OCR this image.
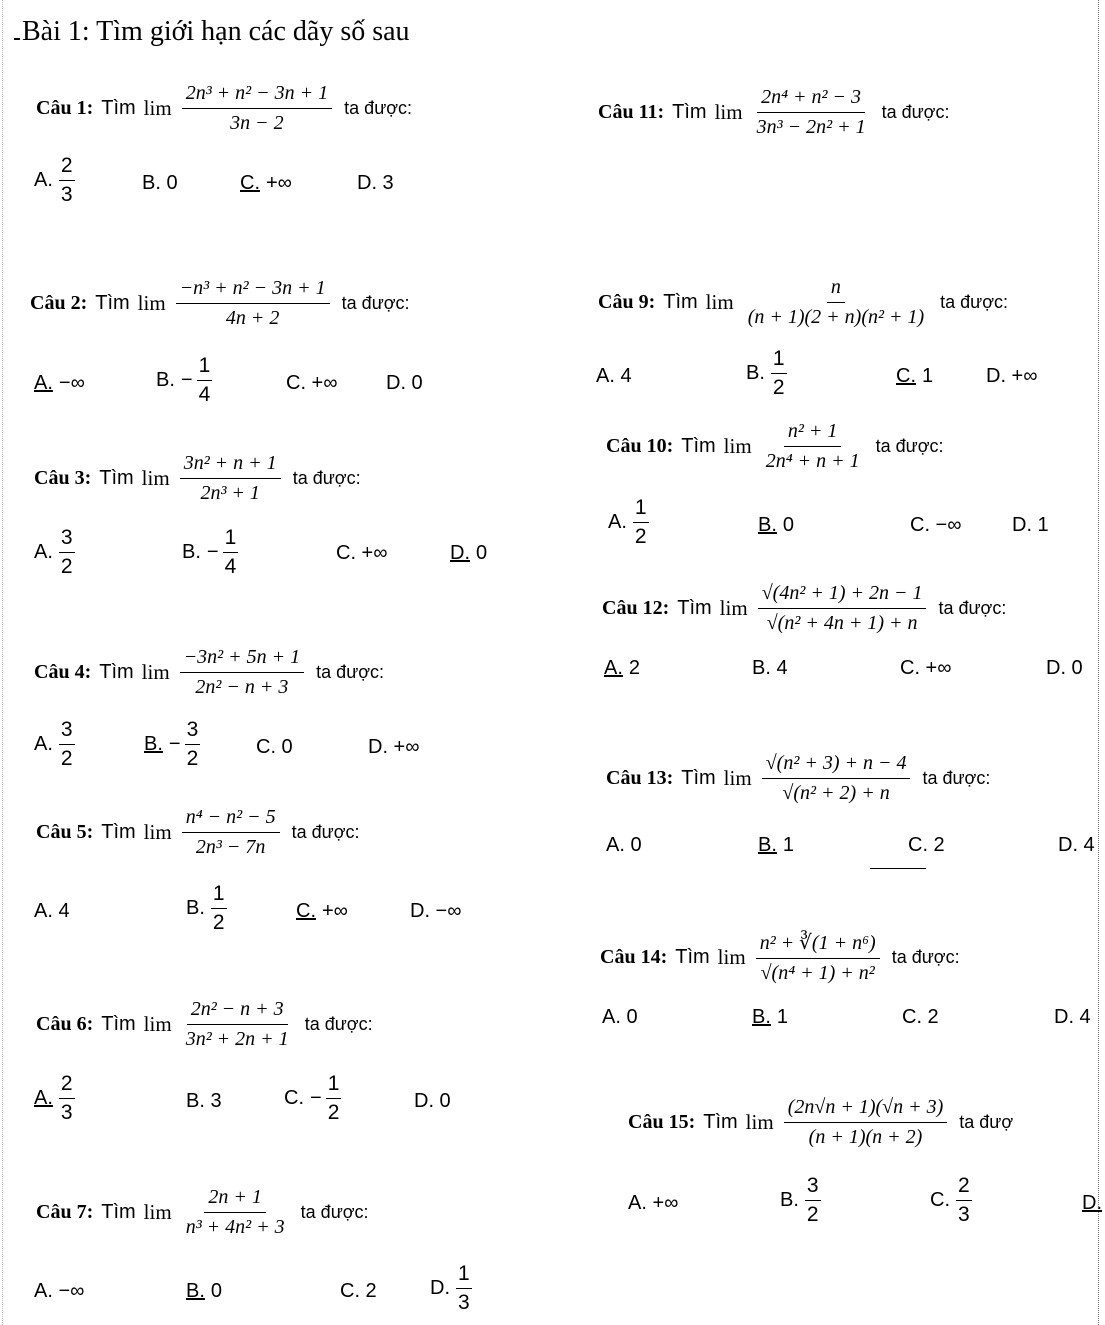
Bài 1: Tìm giới hạn các dãy số sau
Câu 1: Tìm $\lim \frac{\text{2n³ + n² − 3n + 1}}{3n - 2}$ ta được:
A. $\frac{2}{3}$	B. 0	C. +∞	D. 3
Câu 2: Tìm $\lim \frac{\text{−n³ + n² − 3n + 1}}{4n + 2}$ ta được:
A. −∞	B. − $\frac{1}{4}$	C. +∞ D. 0
Câu 3: Tìm $\lim \frac{\text{3n² + n + 1}}{\text{2n³ + 1}}$ ta được:
A. $\frac{3}{2}$	B. − $\frac{1}{4}$	C. +∞	D. 0
Câu 4: Tìm $\lim \frac{\text{−3n² + 5n + 1}}{\text{2n² − n + 3}}$ ta được:
A. $\frac{3}{2}$	B. − $\frac{3}{2}$	C. 0	D. +∞
Câu 5: Tìm $\lim \frac{\text{n⁴ − n² − 5}}{\text{2n³ − 7n}}$ ta được:
A. 4	B. $\frac{1}{2}$	C. +∞	D. −∞
Câu 6: Tìm $\lim \frac{\text{2n² − n + 3}}{\text{3n² + 2n + 1}}$ ta được:
A. $\frac{2}{3}$	B. 3	C. − $\frac{1}{2}$	D. 0
Câu 7: Tìm $\lim \frac{2n + 1}{\text{n³ + 4n² + 3}}$ ta được:
A. −∞	B. 0	C. 2	D. $\frac{1}{3}$
Câu 11: Tìm $\lim \frac{\text{2n⁴ + n² − 3}}{\text{3n³ − 2n² + 1}}$ ta được:
Câu 9: Tìm $\lim \frac{n}{\text{(n + 1)(2 + n)(n² + 1)}}$ ta được:
A. 4	B. $\frac{1}{2}$	C. 1	D. +∞
Câu 10: Tìm $\lim \frac{\text{n² + 1}}{\text{2n⁴ + n + 1}}$ ta được:
A. $\frac{1}{2}$	B. 0	C. −∞	D. 1
Câu 12: Tìm $\lim \frac{\text{√(4n² + 1) + 2n − 1}}{\text{√(n² + 4n + 1) + n}}$ ta được:
A. 2	B. 4	C. +∞	D. 0
Câu 13: Tìm $\lim \frac{\text{√(n² + 3) + n − 4}}{\text{√(n² + 2) + n}}$ ta được:
A. 0	B. 1	C. 2	D. 4
Câu 14: Tìm $\lim \frac{\text{n² + ∛(1 + n⁶)}}{\text{√(n⁴ + 1) + n²}}$ ta được:
A. 0	B. 1	C. 2	D. 4
Câu 15: Tìm $\lim \frac{(2n√n + 1)(√n + 3)}{(n + 1)(n + 2)}$ ta đượ
A. +∞	B. $\frac{3}{2}$	C. $\frac{2}{3}$	D.
